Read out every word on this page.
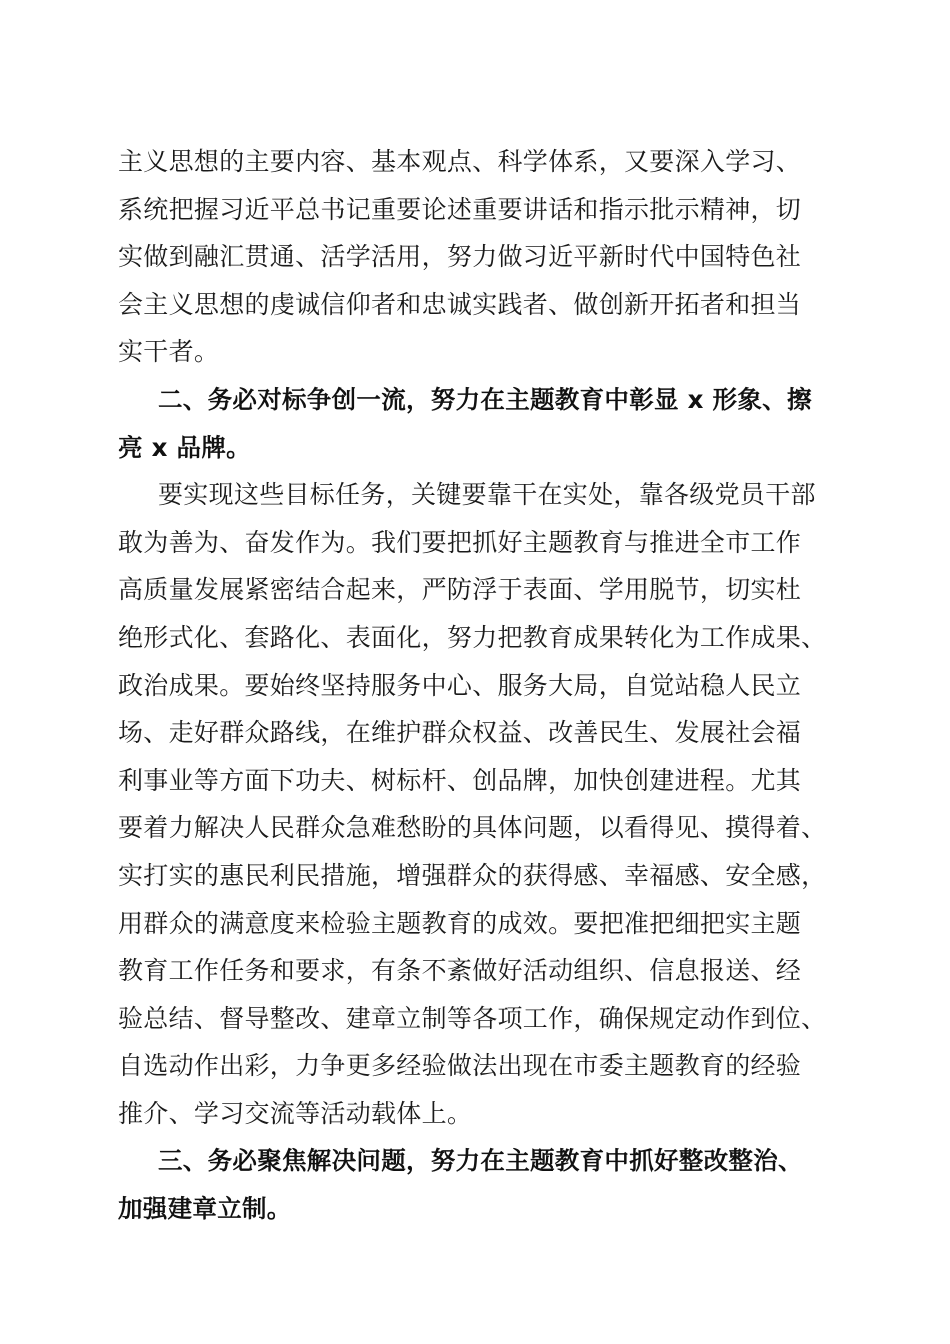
主义思想的主要内容、基本观点、科学体系，又要深入学习、
系统把握习近平总书记重要论述重要讲话和指示批示精神，切
实做到融汇贯通、活学活用，努力做习近平新时代中国特色社
会主义思想的虔诚信仰者和忠诚实践者、做创新开拓者和担当
实干者。
二、务必对标争创一流，努力在主题教育中彰显 x 形象、擦
亮 x 品牌。
要实现这些目标任务，关键要靠干在实处，靠各级党员干部
敢为善为、奋发作为。我们要把抓好主题教育与推进全市工作
高质量发展紧密结合起来，严防浮于表面、学用脱节，切实杜
绝形式化、套路化、表面化，努力把教育成果转化为工作成果、
政治成果。要始终坚持服务中心、服务大局，自觉站稳人民立
场、走好群众路线，在维护群众权益、改善民生、发展社会福
利事业等方面下功夫、树标杆、创品牌，加快创建进程。尤其
要着力解决人民群众急难愁盼的具体问题，以看得见、摸得着、
实打实的惠民利民措施，增强群众的获得感、幸福感、安全感，
用群众的满意度来检验主题教育的成效。要把准把细把实主题
教育工作任务和要求，有条不紊做好活动组织、信息报送、经
验总结、督导整改、建章立制等各项工作，确保规定动作到位、
自选动作出彩，力争更多经验做法出现在市委主题教育的经验
推介、学习交流等活动载体上。
三、务必聚焦解决问题，努力在主题教育中抓好整改整治、
加强建章立制。
